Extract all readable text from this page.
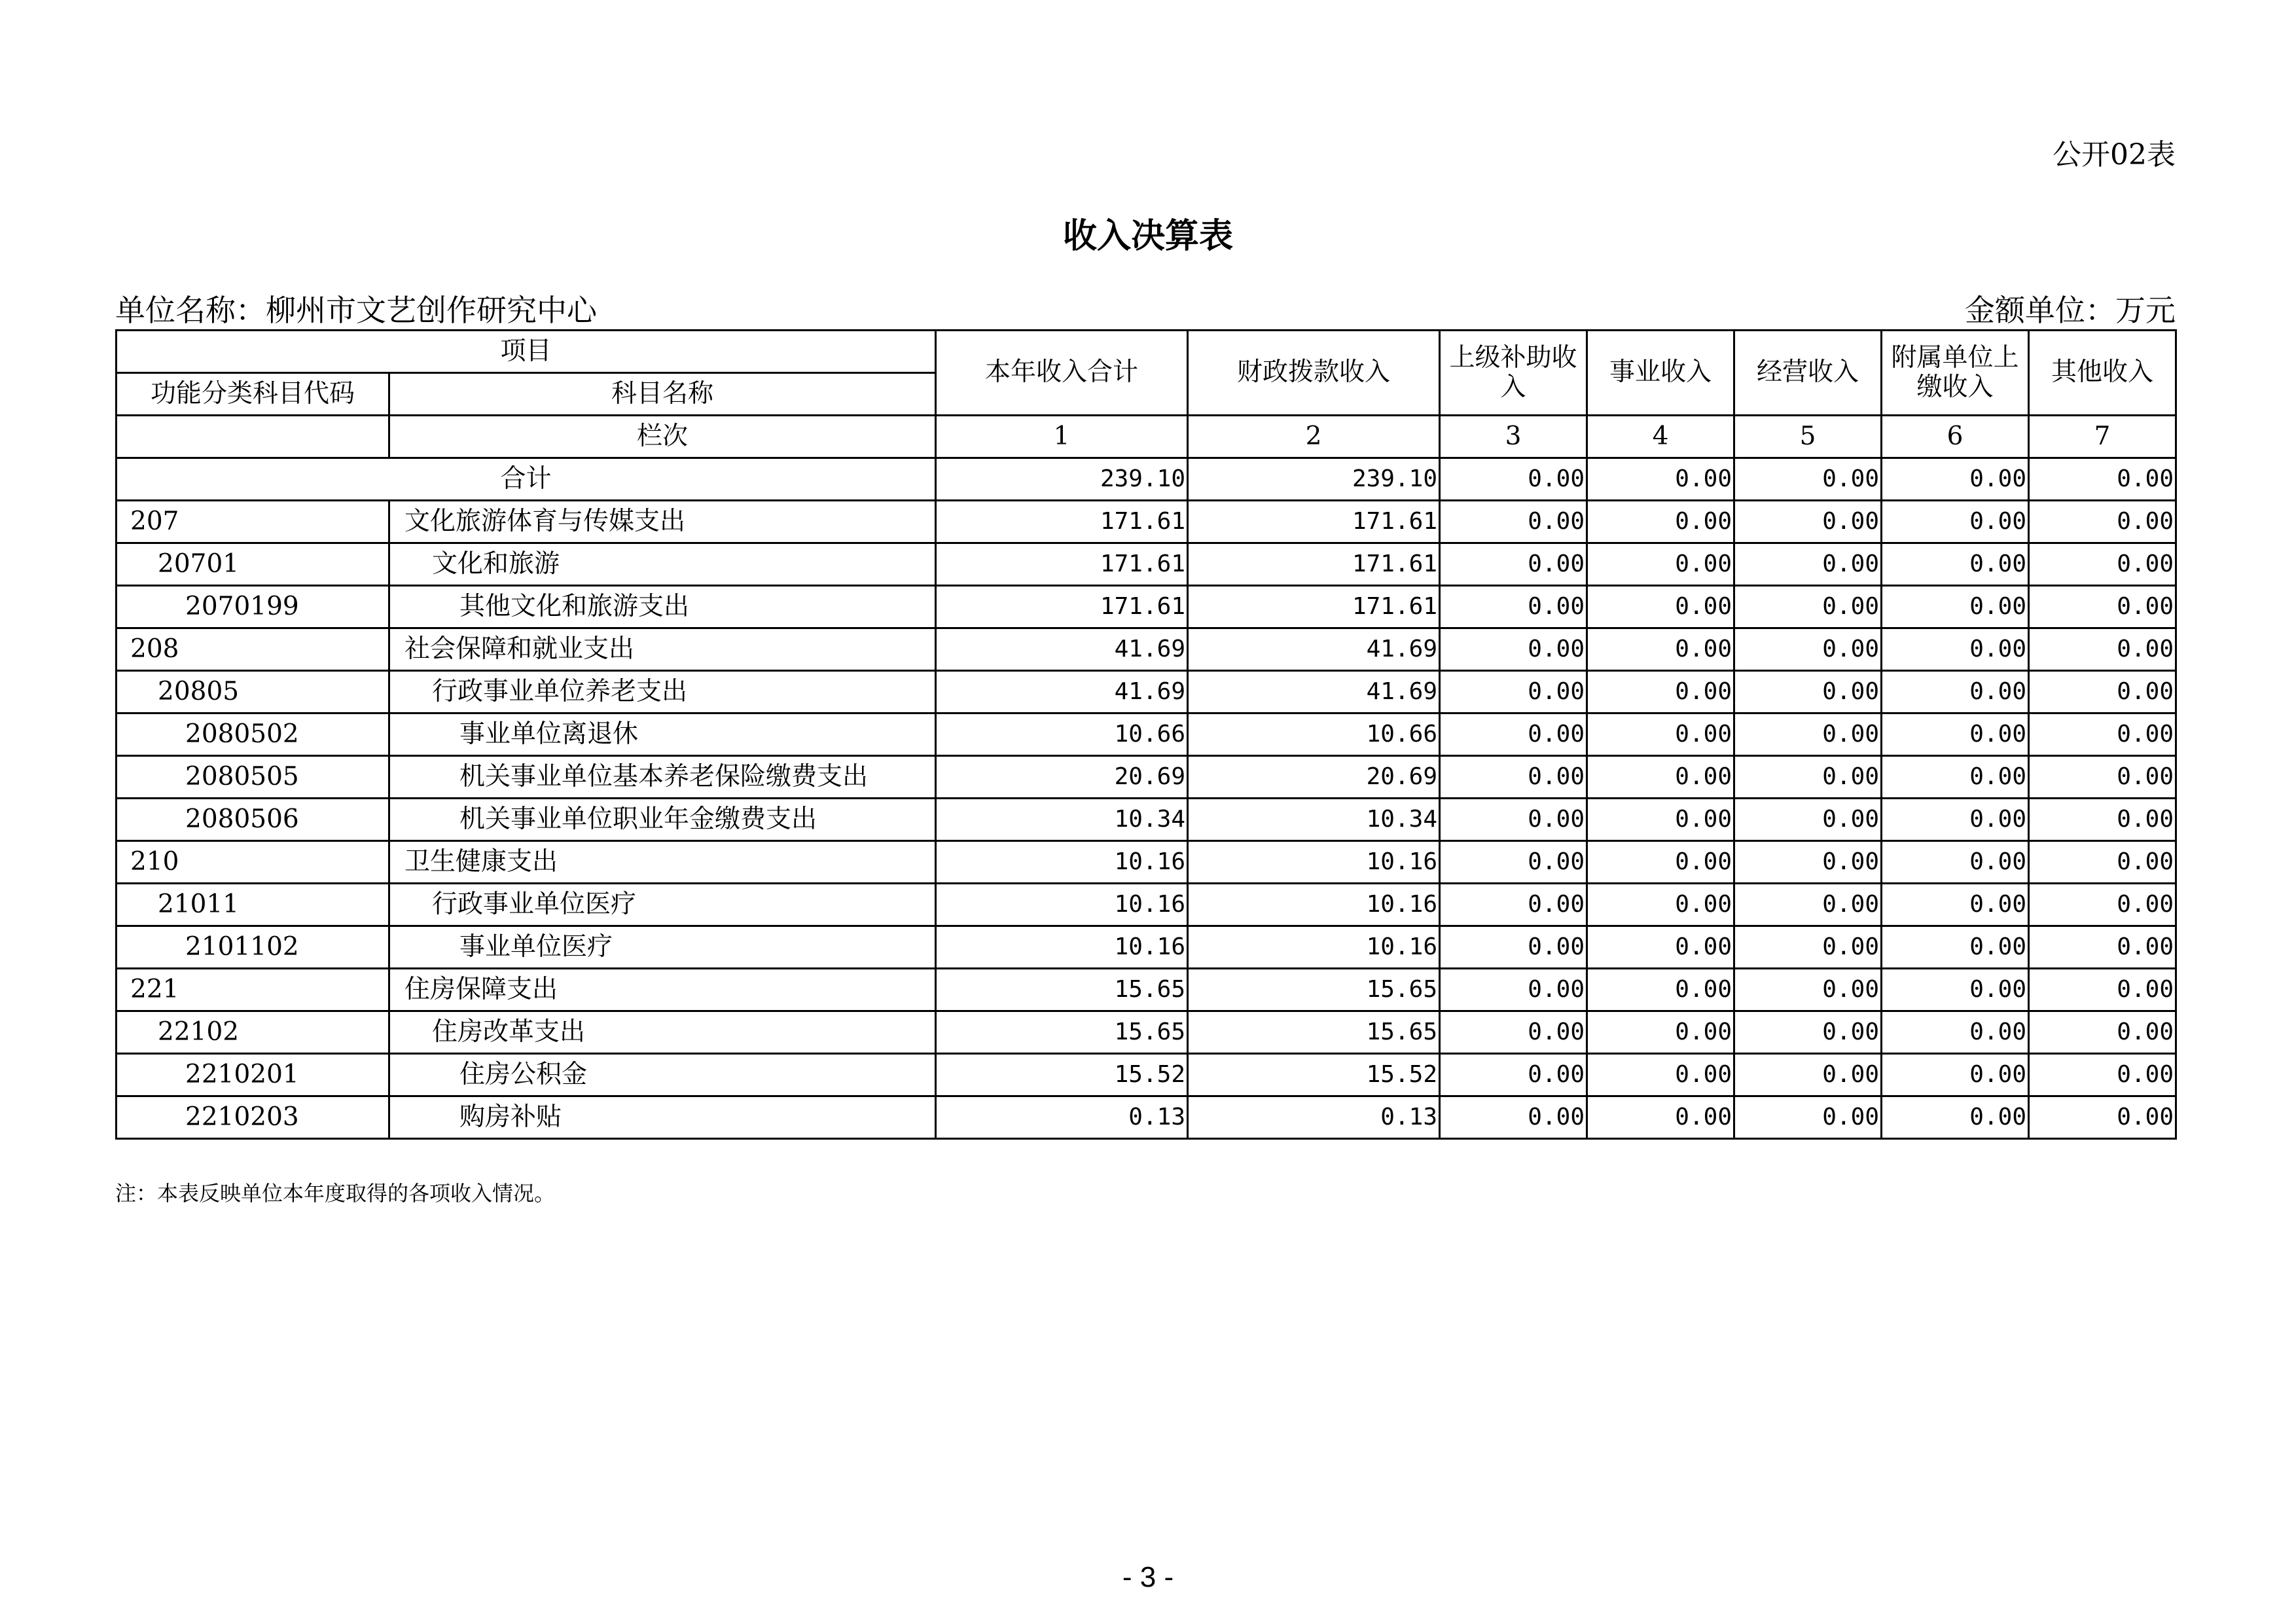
公开02表
收入决算表
单位名称：柳州市文艺创作研究中心	金额单位：万元
项目		本年收入合计	财政拨款收入	上级补助收入	事业收入	经营收入	附属单位上缴收入	其他收入
功能分类科目代码	科目名称							
	栏次	1	2	3	4	5	6	7
合计		239.10	239.10	0.00	0.00	0.00	0.00	0.00
207	文化旅游体育与传媒支出	171.61	171.61	0.00	0.00	0.00	0.00	0.00
20701	文化和旅游	171.61	171.61	0.00	0.00	0.00	0.00	0.00
2070199	其他文化和旅游支出	171.61	171.61	0.00	0.00	0.00	0.00	0.00
208	社会保障和就业支出	41.69	41.69	0.00	0.00	0.00	0.00	0.00
20805	行政事业单位养老支出	41.69	41.69	0.00	0.00	0.00	0.00	0.00
2080502	事业单位离退休	10.66	10.66	0.00	0.00	0.00	0.00	0.00
2080505	机关事业单位基本养老保险缴费支出	20.69	20.69	0.00	0.00	0.00	0.00	0.00
2080506	机关事业单位职业年金缴费支出	10.34	10.34	0.00	0.00	0.00	0.00	0.00
210	卫生健康支出	10.16	10.16	0.00	0.00	0.00	0.00	0.00
21011	行政事业单位医疗	10.16	10.16	0.00	0.00	0.00	0.00	0.00
2101102	事业单位医疗	10.16	10.16	0.00	0.00	0.00	0.00	0.00
221	住房保障支出	15.65	15.65	0.00	0.00	0.00	0.00	0.00
22102	住房改革支出	15.65	15.65	0.00	0.00	0.00	0.00	0.00
2210201	住房公积金	15.52	15.52	0.00	0.00	0.00	0.00	0.00
2210203	购房补贴	0.13	0.13	0.00	0.00	0.00	0.00	0.00
注：本表反映单位本年度取得的各项收入情况。
- 3 -
